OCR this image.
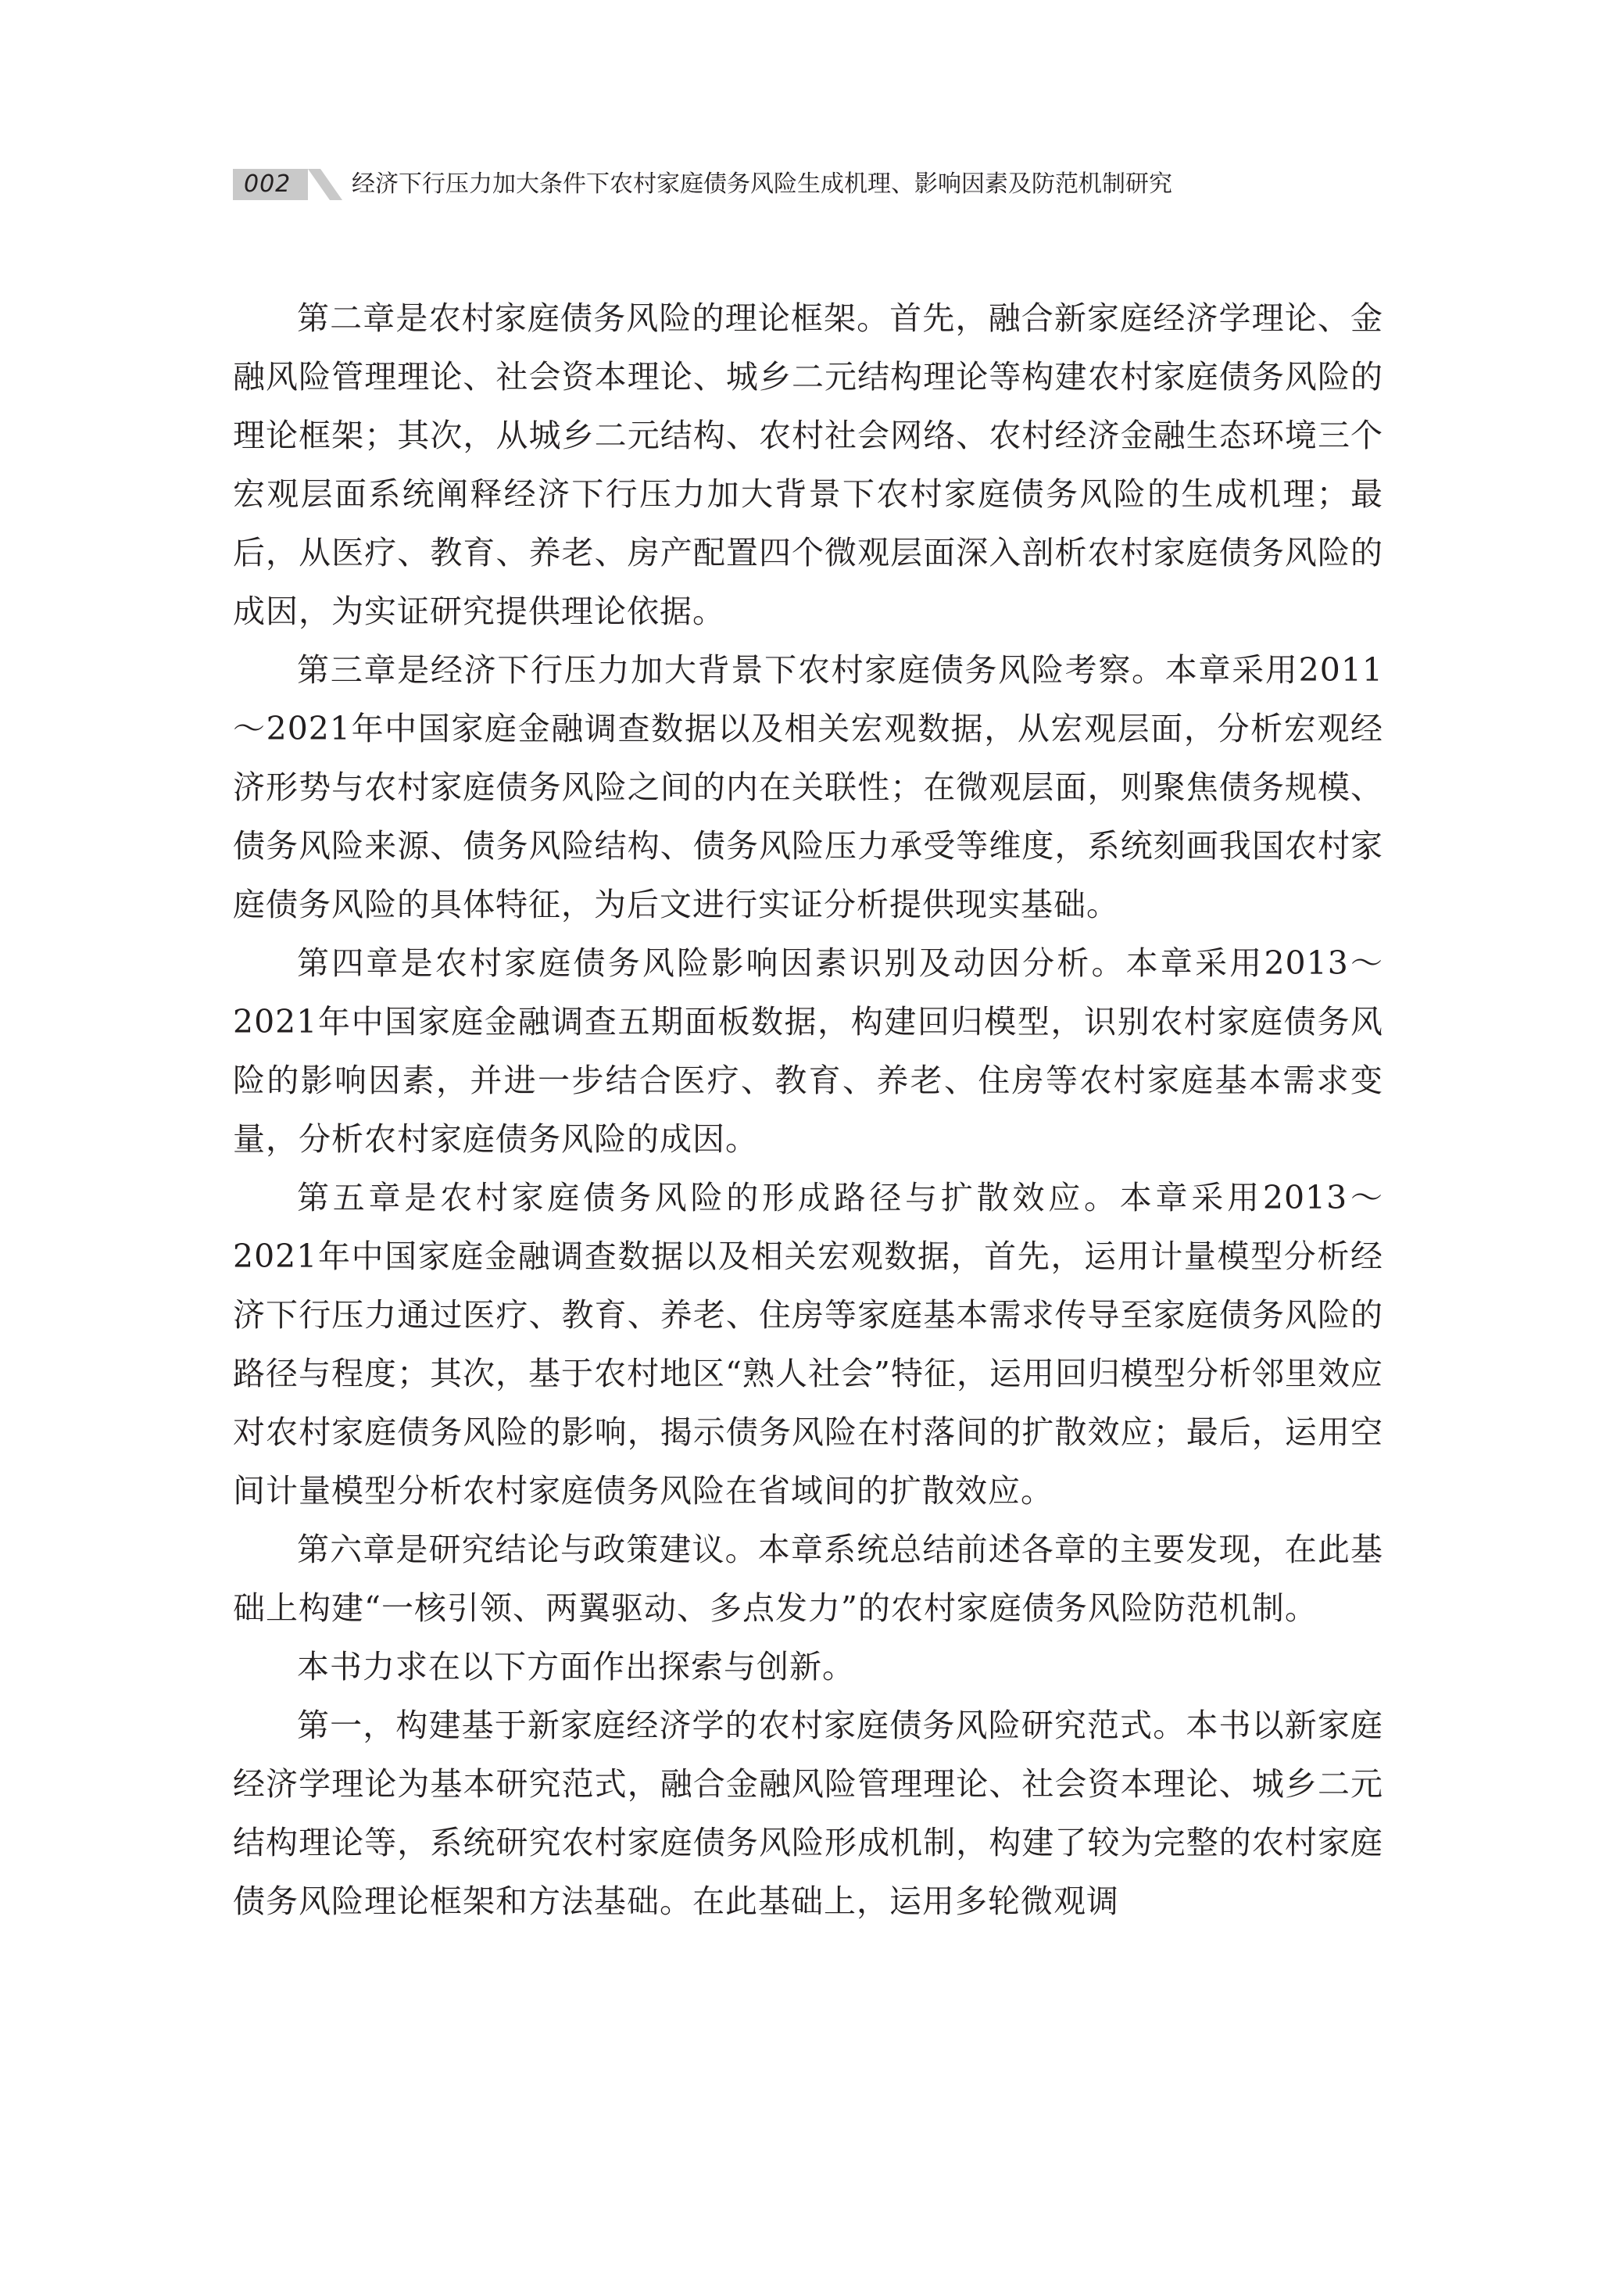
002	经济下行压力加大条件下农村家庭债务风险生成机理、影响因素及防范机制研究

第二章是农村家庭债务风险的理论框架。首先，融合新家庭经济学理论、金融风险管理理论、社会资本理论、城乡二元结构理论等构建农村家庭债务风险的理论框架；其次，从城乡二元结构、农村社会网络、农村经济金融生态环境三个宏观层面系统阐释经济下行压力加大背景下农村家庭债务风险的生成机理；最后，从医疗、教育、养老、房产配置四个微观层面深入剖析农村家庭债务风险的成因，为实证研究提供理论依据。

第三章是经济下行压力加大背景下农村家庭债务风险考察。本章采用2011～2021年中国家庭金融调查数据以及相关宏观数据，从宏观层面，分析宏观经济形势与农村家庭债务风险之间的内在关联性；在微观层面，则聚焦债务规模、债务风险来源、债务风险结构、债务风险压力承受等维度，系统刻画我国农村家庭债务风险的具体特征，为后文进行实证分析提供现实基础。

第四章是农村家庭债务风险影响因素识别及动因分析。本章采用2013～2021年中国家庭金融调查五期面板数据，构建回归模型，识别农村家庭债务风险的影响因素，并进一步结合医疗、教育、养老、住房等农村家庭基本需求变量，分析农村家庭债务风险的成因。

第五章是农村家庭债务风险的形成路径与扩散效应。本章采用2013～2021年中国家庭金融调查数据以及相关宏观数据，首先，运用计量模型分析经济下行压力通过医疗、教育、养老、住房等家庭基本需求传导至家庭债务风险的路径与程度；其次，基于农村地区“熟人社会”特征，运用回归模型分析邻里效应对农村家庭债务风险的影响，揭示债务风险在村落间的扩散效应；最后，运用空间计量模型分析农村家庭债务风险在省域间的扩散效应。

第六章是研究结论与政策建议。本章系统总结前述各章的主要发现，在此基础上构建“一核引领、两翼驱动、多点发力”的农村家庭债务风险防范机制。

本书力求在以下方面作出探索与创新。

第一，构建基于新家庭经济学的农村家庭债务风险研究范式。本书以新家庭经济学理论为基本研究范式，融合金融风险管理理论、社会资本理论、城乡二元结构理论等，系统研究农村家庭债务风险形成机制，构建了较为完整的农村家庭债务风险理论框架和方法基础。在此基础上，运用多轮微观调
